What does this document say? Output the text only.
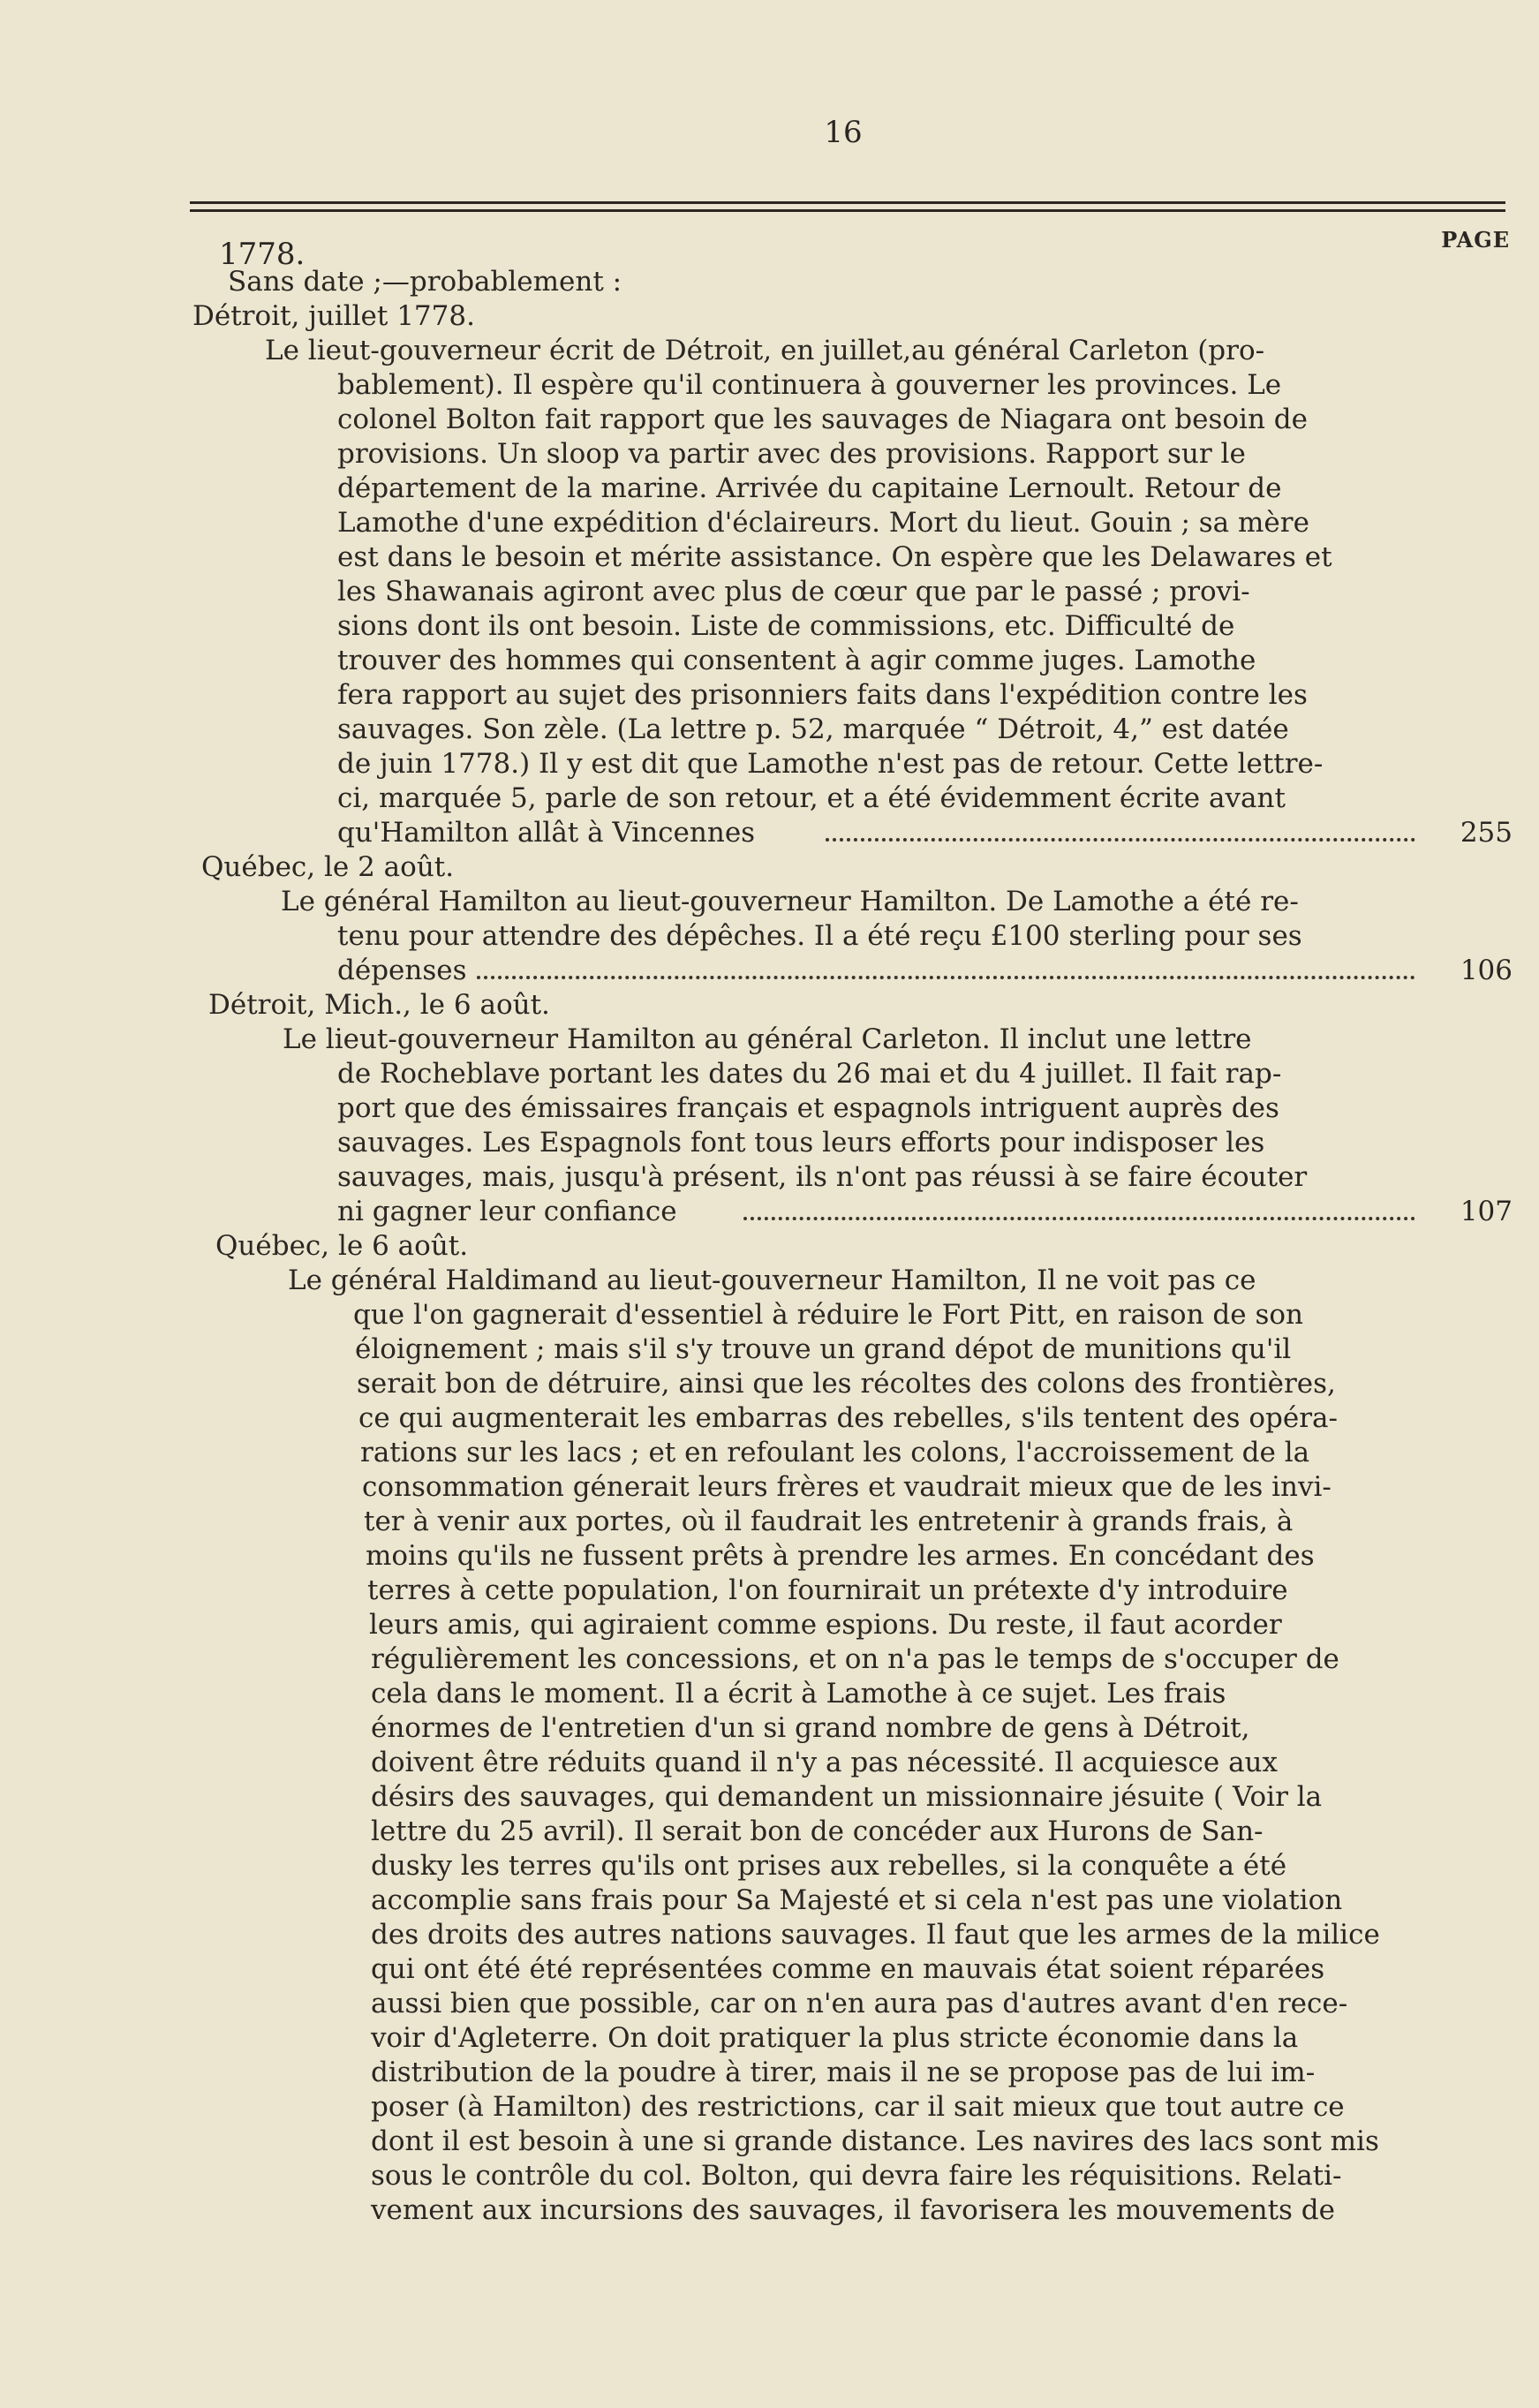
16
1778.	PAGE
Sans date ;—probablement :
Détroit, juillet 1778.
Le lieut-gouverneur écrit de Détroit, en juillet,au général Carleton (pro-
bablement). Il espère qu'il continuera à gouverner les provinces. Le
colonel Bolton fait rapport que les sauvages de Niagara ont besoin de
provisions. Un sloop va partir avec des provisions. Rapport sur le
département de la marine. Arrivée du capitaine Lernoult. Retour de
Lamothe d'une expédition d'éclaireurs. Mort du lieut. Gouin ; sa mère
est dans le besoin et mérite assistance. On espère que les Delawares et
les Shawanais agiront avec plus de cœur que par le passé ; provi-
sions dont ils ont besoin. Liste de commissions, etc. Difficulté de
trouver des hommes qui consentent à agir comme juges. Lamothe
fera rapport au sujet des prisonniers faits dans l'expédition contre les
sauvages. Son zèle. (La lettre p. 52, marquée “ Détroit, 4,” est datée
de juin 1778.) Il y est dit que Lamothe n'est pas de retour. Cette lettre-
ci, marquée 5, parle de son retour, et a été évidemment écrite avant
qu'Hamilton allât à Vincennes	255
Québec, le 2 août.
Le général Hamilton au lieut-gouverneur Hamilton. De Lamothe a été re-
tenu pour attendre des dépêches. Il a été reçu £100 sterling pour ses
dépenses	106
Détroit, Mich., le 6 août.
Le lieut-gouverneur Hamilton au général Carleton. Il inclut une lettre
de Rocheblave portant les dates du 26 mai et du 4 juillet. Il fait rap-
port que des émissaires français et espagnols intriguent auprès des
sauvages. Les Espagnols font tous leurs efforts pour indisposer les
sauvages, mais, jusqu'à présent, ils n'ont pas réussi à se faire écouter
ni gagner leur confiance	107
Québec, le 6 août.
Le général Haldimand au lieut-gouverneur Hamilton, Il ne voit pas ce
que l'on gagnerait d'essentiel à réduire le Fort Pitt, en raison de son
éloignement ; mais s'il s'y trouve un grand dépot de munitions qu'il
serait bon de détruire, ainsi que les récoltes des colons des frontières,
ce qui augmenterait les embarras des rebelles, s'ils tentent des opéra-
rations sur les lacs ; et en refoulant les colons, l'accroissement de la
consommation génerait leurs frères et vaudrait mieux que de les invi-
ter à venir aux portes, où il faudrait les entretenir à grands frais, à
moins qu'ils ne fussent prêts à prendre les armes. En concédant des
terres à cette population, l'on fournirait un prétexte d'y introduire
leurs amis, qui agiraient comme espions. Du reste, il faut acorder
régulièrement les concessions, et on n'a pas le temps de s'occuper de
cela dans le moment. Il a écrit à Lamothe à ce sujet. Les frais
énormes de l'entretien d'un si grand nombre de gens à Détroit,
doivent être réduits quand il n'y a pas nécessité. Il acquiesce aux
désirs des sauvages, qui demandent un missionnaire jésuite ( Voir la
lettre du 25 avril). Il serait bon de concéder aux Hurons de San-
dusky les terres qu'ils ont prises aux rebelles, si la conquête a été
accomplie sans frais pour Sa Majesté et si cela n'est pas une violation
des droits des autres nations sauvages. Il faut que les armes de la milice
qui ont été été représentées comme en mauvais état soient réparées
aussi bien que possible, car on n'en aura pas d'autres avant d'en rece-
voir d'Agleterre. On doit pratiquer la plus stricte économie dans la
distribution de la poudre à tirer, mais il ne se propose pas de lui im-
poser (à Hamilton) des restrictions, car il sait mieux que tout autre ce
dont il est besoin à une si grande distance. Les navires des lacs sont mis
sous le contrôle du col. Bolton, qui devra faire les réquisitions. Relati-
vement aux incursions des sauvages, il favorisera les mouvements de
